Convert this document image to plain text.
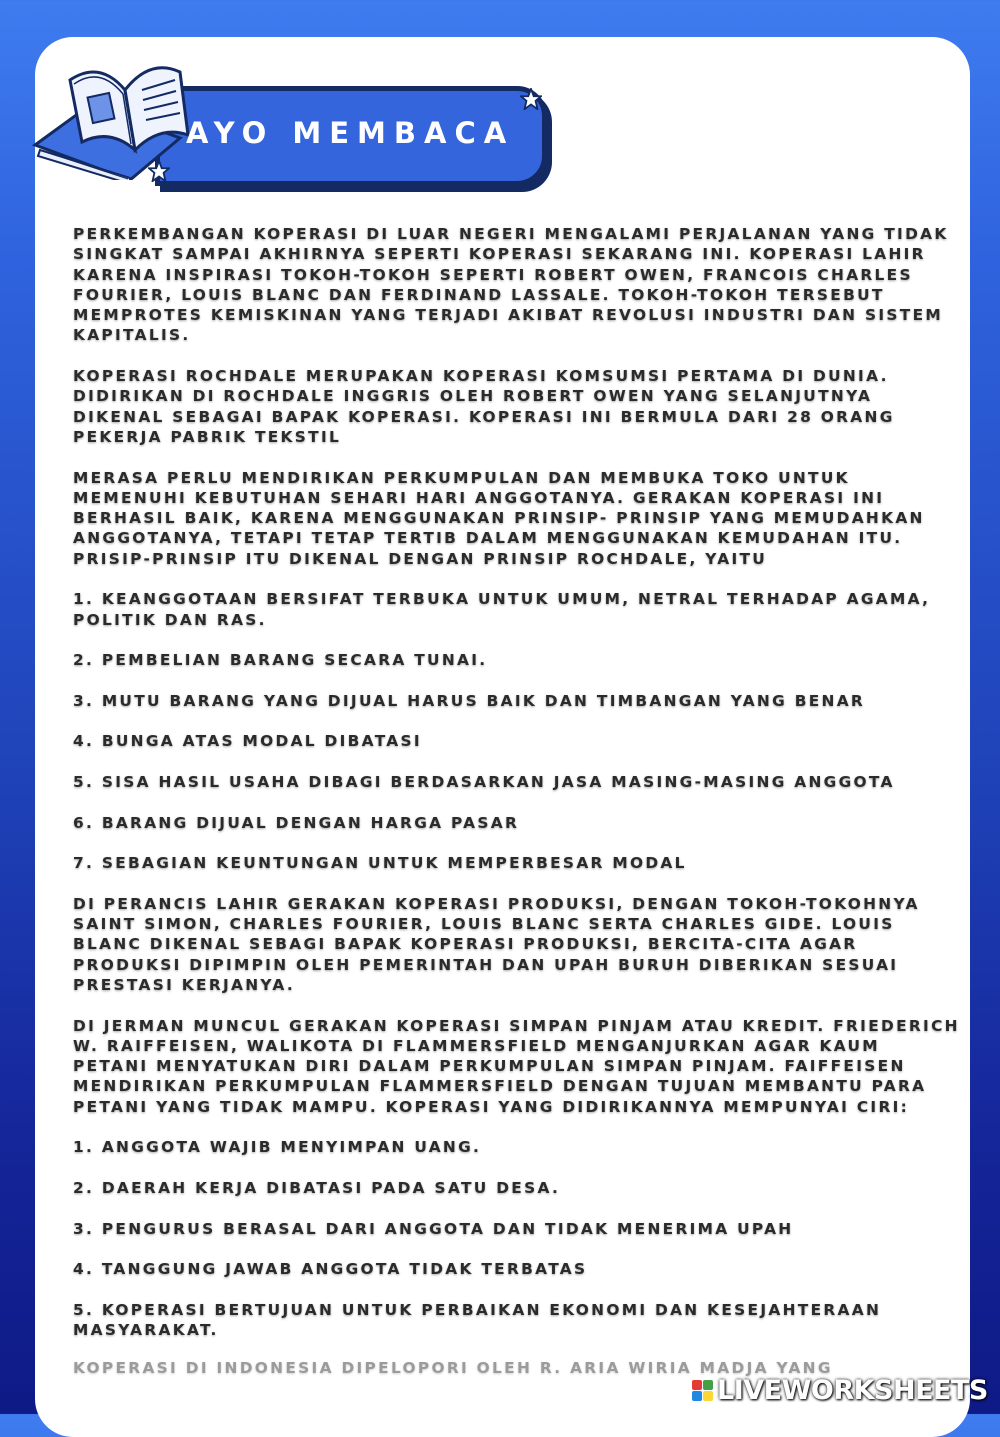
AYO MEMBACA

PERKEMBANGAN KOPERASI DI LUAR NEGERI MENGALAMI PERJALANAN YANG TIDAK SINGKAT SAMPAI AKHIRNYA SEPERTI KOPERASI SEKARANG INI. KOPERASI LAHIR KARENA INSPIRASI TOKOH-TOKOH SEPERTI ROBERT OWEN, FRANCOIS CHARLES FOURIER, LOUIS BLANC DAN FERDINAND LASSALE. TOKOH-TOKOH TERSEBUT MEMPROTES KEMISKINAN YANG TERJADI AKIBAT REVOLUSI INDUSTRI DAN SISTEM KAPITALIS.

KOPERASI ROCHDALE MERUPAKAN KOPERASI KOMSUMSI PERTAMA DI DUNIA. DIDIRIKAN DI ROCHDALE INGGRIS OLEH ROBERT OWEN YANG SELANJUTNYA DIKENAL SEBAGAI BAPAK KOPERASI. KOPERASI INI BERMULA DARI 28 ORANG PEKERJA PABRIK TEKSTIL

MERASA PERLU MENDIRIKAN PERKUMPULAN DAN MEMBUKA TOKO UNTUK MEMENUHI KEBUTUHAN SEHARI HARI ANGGOTANYA. GERAKAN KOPERASI INI BERHASIL BAIK, KARENA MENGGUNAKAN PRINSIP- PRINSIP YANG MEMUDAHKAN ANGGOTANYA, TETAPI TETAP TERTIB DALAM MENGGUNAKAN KEMUDAHAN ITU. PRISIP-PRINSIP ITU DIKENAL DENGAN PRINSIP ROCHDALE, YAITU

1. KEANGGOTAAN BERSIFAT TERBUKA UNTUK UMUM, NETRAL TERHADAP AGAMA, POLITIK DAN RAS.

2. PEMBELIAN BARANG SECARA TUNAI.

3. MUTU BARANG YANG DIJUAL HARUS BAIK DAN TIMBANGAN YANG BENAR

4. BUNGA ATAS MODAL DIBATASI

5. SISA HASIL USAHA DIBAGI BERDASARKAN JASA MASING-MASING ANGGOTA

6. BARANG DIJUAL DENGAN HARGA PASAR

7. SEBAGIAN KEUNTUNGAN UNTUK MEMPERBESAR MODAL

DI PERANCIS LAHIR GERAKAN KOPERASI PRODUKSI, DENGAN TOKOH-TOKOHNYA SAINT SIMON, CHARLES FOURIER, LOUIS BLANC SERTA CHARLES GIDE. LOUIS BLANC DIKENAL SEBAGI BAPAK KOPERASI PRODUKSI, BERCITA-CITA AGAR PRODUKSI DIPIMPIN OLEH PEMERINTAH DAN UPAH BURUH DIBERIKAN SESUAI PRESTASI KERJANYA.

DI JERMAN MUNCUL GERAKAN KOPERASI SIMPAN PINJAM ATAU KREDIT. FRIEDERICH W. RAIFFEISEN, WALIKOTA DI FLAMMERSFIELD MENGANJURKAN AGAR KAUM PETANI MENYATUKAN DIRI DALAM PERKUMPULAN SIMPAN PINJAM. FAIFFEISEN MENDIRIKAN PERKUMPULAN FLAMMERSFIELD DENGAN TUJUAN MEMBANTU PARA PETANI YANG TIDAK MAMPU. KOPERASI YANG DIDIRIKANNYA MEMPUNYAI CIRI:

1. ANGGOTA WAJIB MENYIMPAN UANG.

2. DAERAH KERJA DIBATASI PADA SATU DESA.

3. PENGURUS BERASAL DARI ANGGOTA DAN TIDAK MENERIMA UPAH

4. TANGGUNG JAWAB ANGGOTA TIDAK TERBATAS

5. KOPERASI BERTUJUAN UNTUK PERBAIKAN EKONOMI DAN KESEJAHTERAAN MASYARAKAT.

KOPERASI DI INDONESIA DIPELOPORI OLEH R. ARIA WIRIA MADJA YANG

LIVEWORKSHEETS
